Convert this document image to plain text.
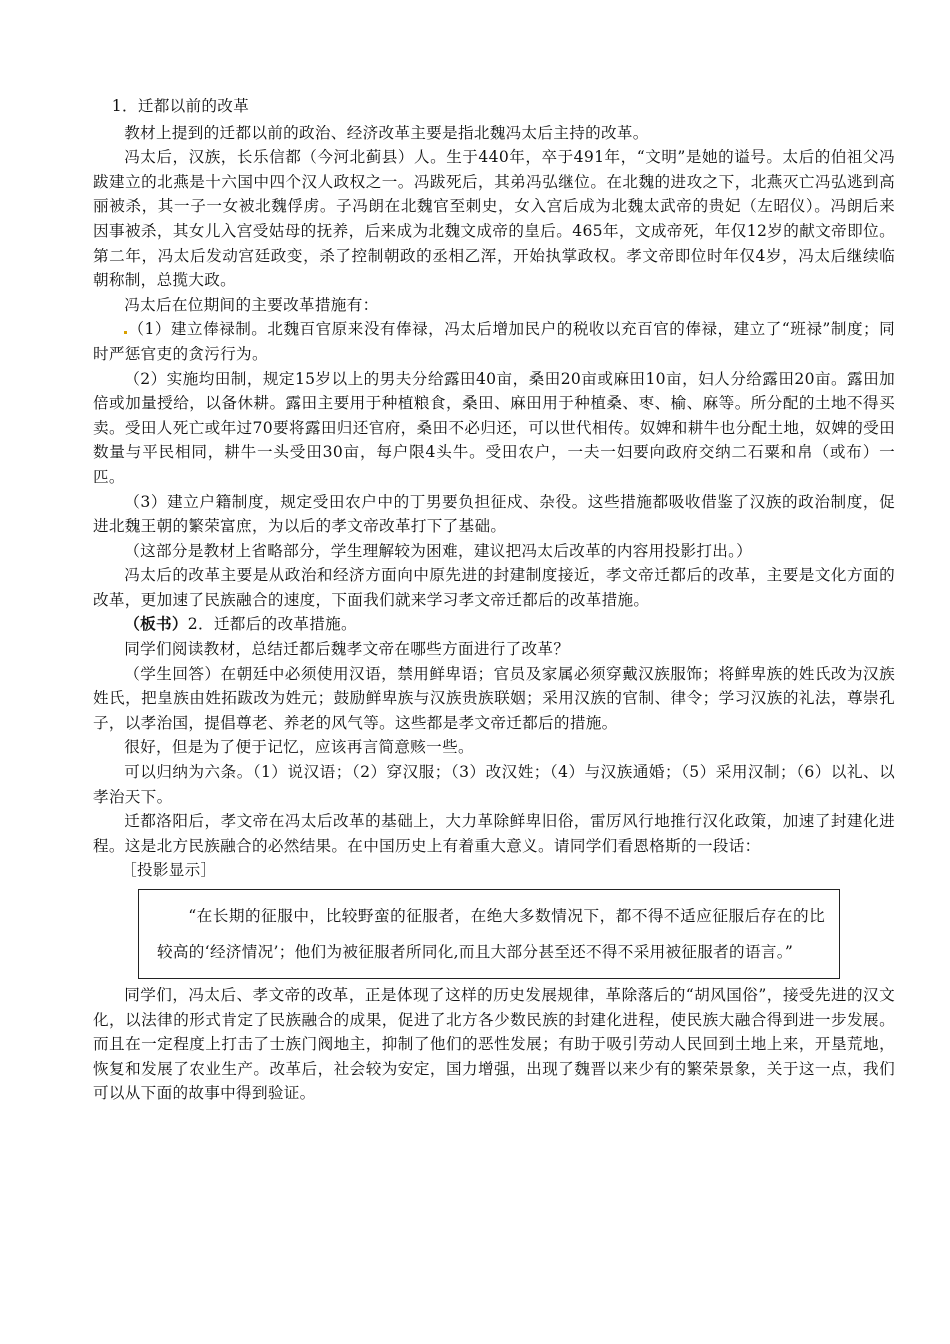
1．迁都以前的改革

教材上提到的迁都以前的政治、经济改革主要是指北魏冯太后主持的改革。

冯太后，汉族，长乐信都（今河北蓟县）人。生于440年，卒于491年，“文明”是她的谥号。太后的伯祖父冯跋建立的北燕是十六国中四个汉人政权之一。冯跋死后，其弟冯弘继位。在北魏的进攻之下，北燕灭亡冯弘逃到高丽被杀，其一子一女被北魏俘虏。子冯朗在北魏官至刺史，女入宫后成为北魏太武帝的贵妃（左昭仪）。冯朗后来因事被杀，其女儿入宫受姑母的抚养，后来成为北魏文成帝的皇后。465年，文成帝死，年仅12岁的献文帝即位。第二年，冯太后发动宫廷政变，杀了控制朝政的丞相乙浑，开始执掌政权。孝文帝即位时年仅4岁，冯太后继续临朝称制，总揽大政。

冯太后在位期间的主要改革措施有：

（1）建立俸禄制。北魏百官原来没有俸禄，冯太后增加民户的税收以充百官的俸禄，建立了“班禄”制度；同时严惩官吏的贪污行为。

（2）实施均田制，规定15岁以上的男夫分给露田40亩，桑田20亩或麻田10亩，妇人分给露田20亩。露田加倍或加量授给，以备休耕。露田主要用于种植粮食，桑田、麻田用于种植桑、枣、榆、麻等。所分配的土地不得买卖。受田人死亡或年过70要将露田归还官府，桑田不必归还，可以世代相传。奴婢和耕牛也分配土地，奴婢的受田数量与平民相同，耕牛一头受田30亩，每户限4头牛。受田农户，一夫一妇要向政府交纳二石粟和帛（或布）一匹。

（3）建立户籍制度，规定受田农户中的丁男要负担征戍、杂役。这些措施都吸收借鉴了汉族的政治制度，促进北魏王朝的繁荣富庶，为以后的孝文帝改革打下了基础。

（这部分是教材上省略部分，学生理解较为困难，建议把冯太后改革的内容用投影打出。）

冯太后的改革主要是从政治和经济方面向中原先进的封建制度接近，孝文帝迁都后的改革，主要是文化方面的改革，更加速了民族融合的速度，下面我们就来学习孝文帝迁都后的改革措施。

（板书）2．迁都后的改革措施。

同学们阅读教材，总结迁都后魏孝文帝在哪些方面进行了改革？

（学生回答）在朝廷中必须使用汉语，禁用鲜卑语；官员及家属必须穿戴汉族服饰；将鲜卑族的姓氏改为汉族姓氏，把皇族由姓拓跋改为姓元；鼓励鲜卑族与汉族贵族联姻；采用汉族的官制、律令；学习汉族的礼法，尊崇孔子，以孝治国，提倡尊老、养老的风气等。这些都是孝文帝迁都后的措施。

很好，但是为了便于记忆，应该再言简意赅一些。

可以归纳为六条。（1）说汉语；（2）穿汉服；（3）改汉姓；（4）与汉族通婚；（5）采用汉制；（6）以礼、以孝治天下。

迁都洛阳后，孝文帝在冯太后改革的基础上，大力革除鲜卑旧俗，雷厉风行地推行汉化政策，加速了封建化进程。这是北方民族融合的必然结果。在中国历史上有着重大意义。请同学们看恩格斯的一段话：

［投影显示］

“在长期的征服中，比较野蛮的征服者，在绝大多数情况下，都不得不适应征服后存在的比较高的‘经济情况’；他们为被征服者所同化,而且大部分甚至还不得不采用被征服者的语言。”

同学们，冯太后、孝文帝的改革，正是体现了这样的历史发展规律，革除落后的“胡风国俗”，接受先进的汉文化，以法律的形式肯定了民族融合的成果，促进了北方各少数民族的封建化进程，使民族大融合得到进一步发展。而且在一定程度上打击了士族门阀地主，抑制了他们的恶性发展；有助于吸引劳动人民回到土地上来，开垦荒地，恢复和发展了农业生产。改革后，社会较为安定，国力增强，出现了魏晋以来少有的繁荣景象，关于这一点，我们可以从下面的故事中得到验证。
